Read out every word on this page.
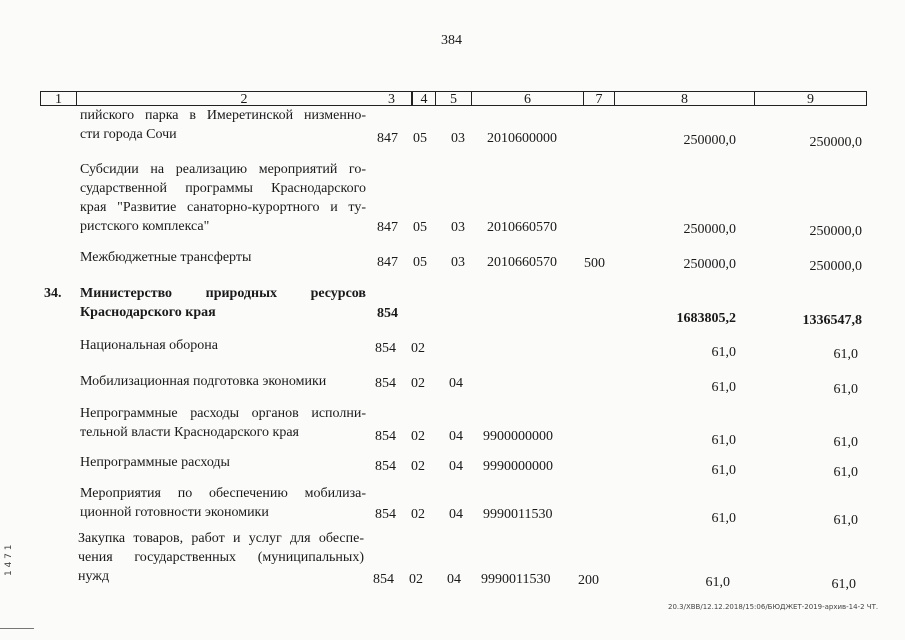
384
1	2	3	4	5	6	7	8	9
пийского парка в Имеретинской низменно-
сти города Сочи	847 05 03 2010600000	250000,0	250000,0
Субсидии на реализацию мероприятий го-
сударственной программы Краснодарского
края "Развитие санаторно-курортного и ту-
ристского комплекса"	847 05 03 2010660570	250000,0	250000,0
Межбюджетные трансферты	847 05 03 2010660570 500	250000,0	250000,0
34. Министерство природных ресурсов
Краснодарского края	854	1683805,2	1336547,8
Национальная оборона	854 02	61,0	61,0
Мобилизационная подготовка экономики	854 02 04	61,0	61,0
Непрограммные расходы органов исполни-
тельной власти Краснодарского края	854 02 04 9900000000	61,0	61,0
Непрограммные расходы	854 02 04 9990000000	61,0	61,0
Мероприятия по обеспечению мобилиза-
ционной готовности экономики	854 02 04 9990011530	61,0	61,0
Закупка товаров, работ и услуг для обеспе-
чения государственных (муниципальных)
нужд	854 02 04 9990011530 200	61,0	61,0
20.3/XBB/12.12.2018/15:06/БЮДЖЕТ-2019-архив-14-2 ЧТ.
1 4 7 1
